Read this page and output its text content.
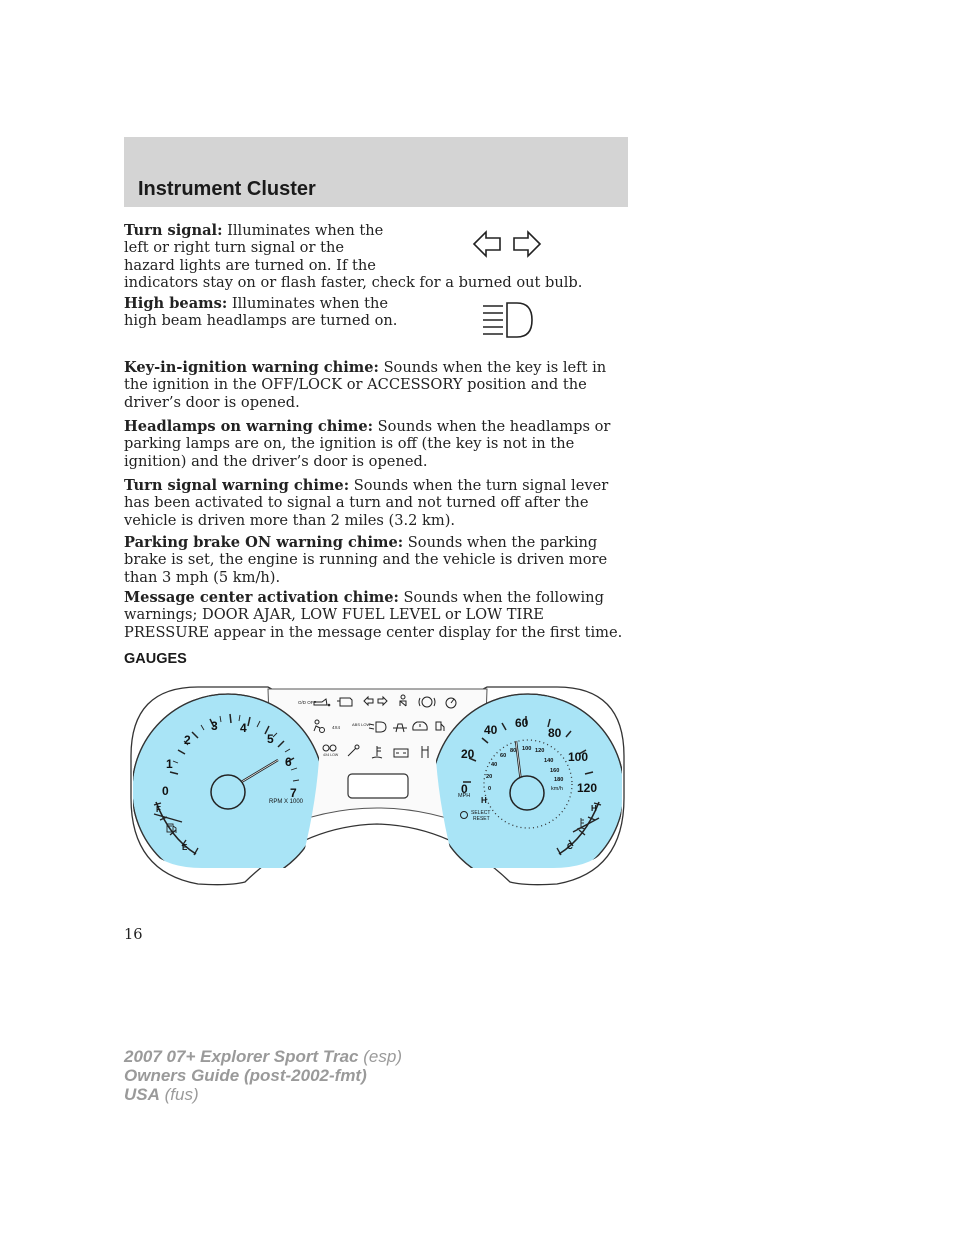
Instrument Cluster
Turn signal: Illuminates when the
left or right turn signal or the
hazard lights are turned on. If the
indicators stay on or flash faster, check for a burned out bulb.
High beams: Illuminates when the
high beam headlamps are turned on.
Key-in-ignition warning chime: Sounds when the key is left in the ignition in the OFF/LOCK or ACCESSORY position and the driver’s door is opened.
Headlamps on warning chime: Sounds when the headlamps or parking lamps are on, the ignition is off (the key is not in the ignition) and the driver’s door is opened.
Turn signal warning chime: Sounds when the turn signal lever has been activated to signal a turn and not turned off after the vehicle is driven more than 2 miles (3.2 km).
Parking brake ON warning chime: Sounds when the parking brake is set, the engine is running and the vehicle is driven more than 3 mph (5 km/h).
Message center activation chime: Sounds when the following warnings; DOOR AJAR, LOW FUEL LEVEL or LOW TIRE PRESSURE appear in the message center display for the first time.
GAUGES
0
1
2
3 4
5
6
7
RPM X 1000
F
E
0
20
40 60
80
100
120
0
20
40
60
80 100 120
140
160
180
MPH
km/h
H
SELECT
RESET
H
C
O/D OFF
4X4
ABS LOW
4X4 LOW
16
2007 07+ Explorer Sport Trac (esp)
Owners Guide (post-2002-fmt)
USA (fus)
